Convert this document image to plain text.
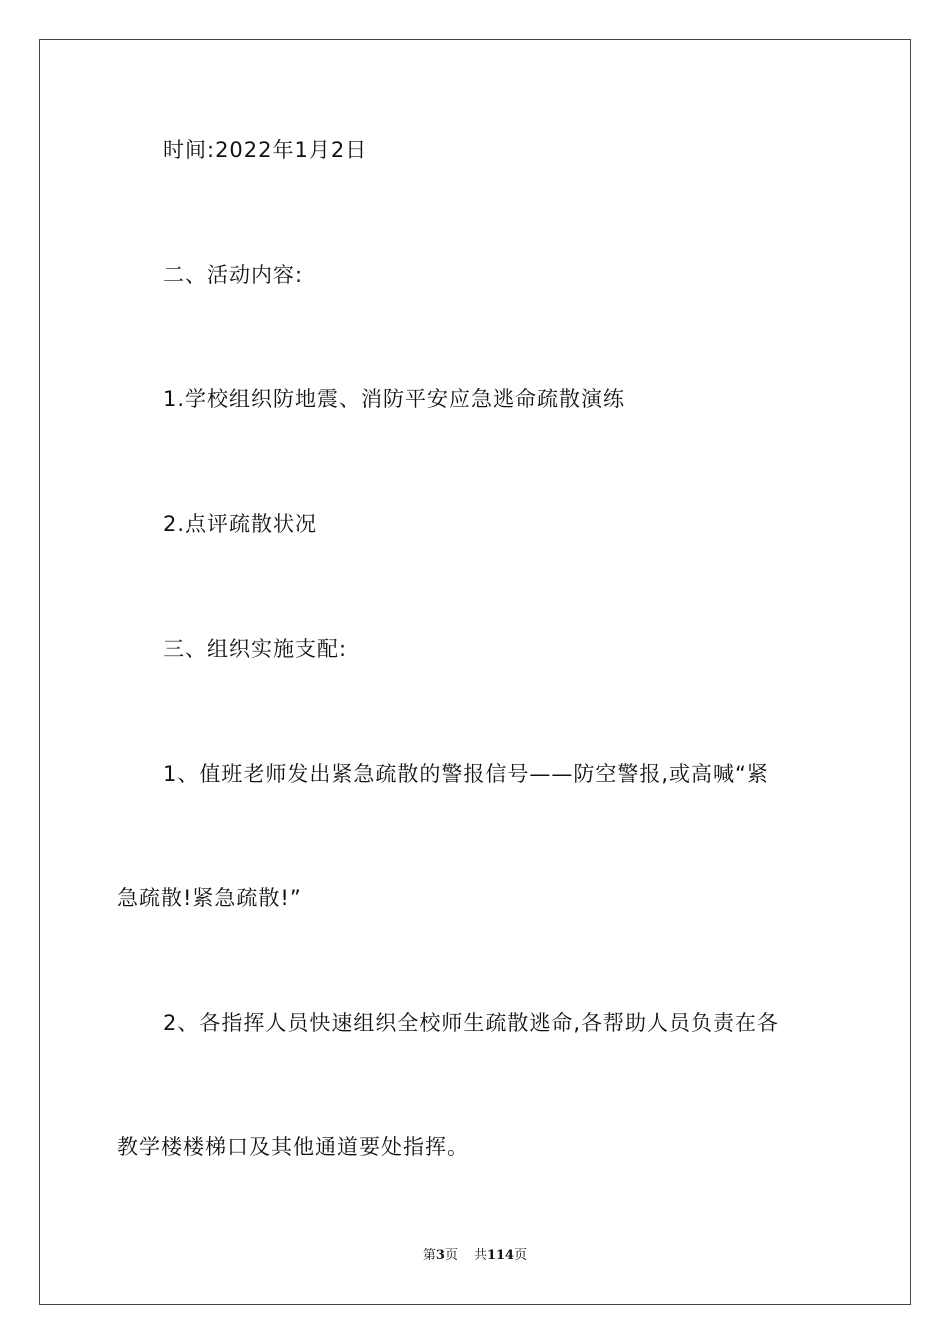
时间:2022年1月2日
二、活动内容:
1.学校组织防地震、消防平安应急逃命疏散演练
2.点评疏散状况
三、组织实施支配:
1、值班老师发出紧急疏散的警报信号——防空警报,或高喊“紧
急疏散!紧急疏散!”
2、各指挥人员快速组织全校师生疏散逃命,各帮助人员负责在各
教学楼楼梯口及其他通道要处指挥。
第3页 共114页
